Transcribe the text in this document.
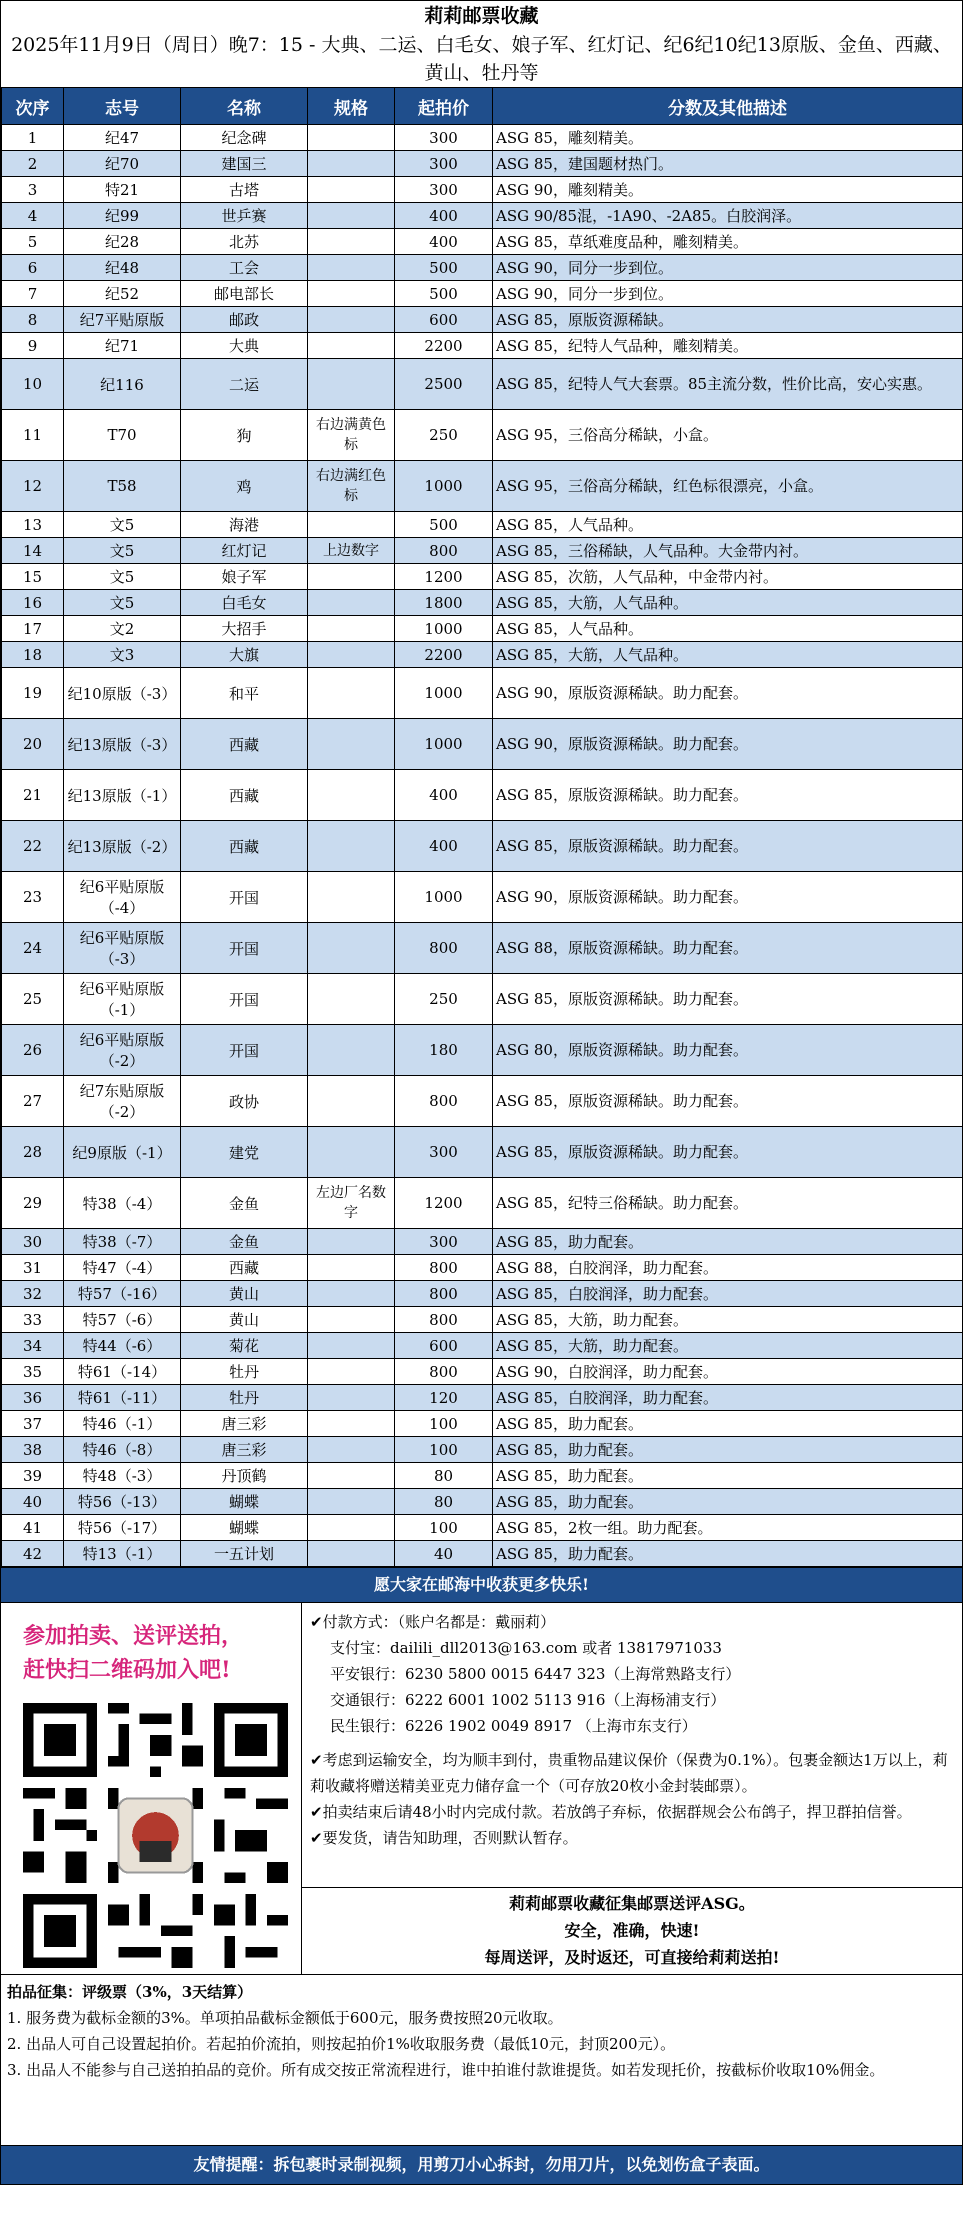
莉莉邮票收藏
2025年11月9日（周日）晚7：15 - 大典、二运、白毛女、娘子军、红灯记、纪6纪10纪13原版、金鱼、西藏、黄山、牡丹等
次序	志号	名称	规格	起拍价	分数及其他描述
1	纪47	纪念碑		300	ASG 85，雕刻精美。
2	纪70	建国三		300	ASG 85，建国题材热门。
3	特21	古塔		300	ASG 90，雕刻精美。
4	纪99	世乒赛		400	ASG 90/85混，-1A90、-2A85。白胶润泽。
5	纪28	北苏		400	ASG 85，草纸难度品种，雕刻精美。
6	纪48	工会		500	ASG 90，同分一步到位。
7	纪52	邮电部长		500	ASG 90，同分一步到位。
8	纪7平贴原版	邮政		600	ASG 85，原版资源稀缺。
9	纪71	大典		2200	ASG 85，纪特人气品种，雕刻精美。
10	纪116	二运		2500	ASG 85，纪特人气大套票。85主流分数，性价比高，安心实惠。
11	T70	狗	右边满黄色标	250	ASG 95，三俗高分稀缺，小盒。
12	T58	鸡	右边满红色标	1000	ASG 95，三俗高分稀缺，红色标很漂亮，小盒。
13	文5	海港		500	ASG 85，人气品种。
14	文5	红灯记	上边数字	800	ASG 85，三俗稀缺，人气品种。大金带内衬。
15	文5	娘子军		1200	ASG 85，次筋，人气品种，中金带内衬。
16	文5	白毛女		1800	ASG 85，大筋，人气品种。
17	文2	大招手		1000	ASG 85，人气品种。
18	文3	大旗		2200	ASG 85，大筋，人气品种。
19	纪10原版（-3）	和平		1000	ASG 90，原版资源稀缺。助力配套。
20	纪13原版（-3）	西藏		1000	ASG 90，原版资源稀缺。助力配套。
21	纪13原版（-1）	西藏		400	ASG 85，原版资源稀缺。助力配套。
22	纪13原版（-2）	西藏		400	ASG 85，原版资源稀缺。助力配套。
23	纪6平贴原版（-4）	开国		1000	ASG 90，原版资源稀缺。助力配套。
24	纪6平贴原版（-3）	开国		800	ASG 88，原版资源稀缺。助力配套。
25	纪6平贴原版（-1）	开国		250	ASG 85，原版资源稀缺。助力配套。
26	纪6平贴原版（-2）	开国		180	ASG 80，原版资源稀缺。助力配套。
27	纪7东贴原版（-2）	政协		800	ASG 85，原版资源稀缺。助力配套。
28	纪9原版（-1）	建党		300	ASG 85，原版资源稀缺。助力配套。
29	特38（-4）	金鱼	左边厂名数字	1200	ASG 85，纪特三俗稀缺。助力配套。
30	特38（-7）	金鱼		300	ASG 85，助力配套。
31	特47（-4）	西藏		800	ASG 88，白胶润泽，助力配套。
32	特57（-16）	黄山		800	ASG 85，白胶润泽，助力配套。
33	特57（-6）	黄山		800	ASG 85，大筋，助力配套。
34	特44（-6）	菊花		600	ASG 85，大筋，助力配套。
35	特61（-14）	牡丹		800	ASG 90，白胶润泽，助力配套。
36	特61（-11）	牡丹		120	ASG 85，白胶润泽，助力配套。
37	特46（-1）	唐三彩		100	ASG 85，助力配套。
38	特46（-8）	唐三彩		100	ASG 85，助力配套。
39	特48（-3）	丹顶鹤		80	ASG 85，助力配套。
40	特56（-13）	蝴蝶		80	ASG 85，助力配套。
41	特56（-17）	蝴蝶		100	ASG 85，2枚一组。助力配套。
42	特13（-1）	一五计划		40	ASG 85，助力配套。
愿大家在邮海中收获更多快乐!
参加拍卖、送评送拍，
赶快扫二维码加入吧!
✔付款方式：（账户名都是：戴丽莉）
支付宝：dailili_dll2013@163.com 或者 13817971033
平安银行：6230 5800 0015 6447 323（上海常熟路支行）
交通银行：6222 6001 1002 5113 916（上海杨浦支行）
民生银行：6226 1902 0049 8917 （上海市东支行）
✔考虑到运输安全，均为顺丰到付，贵重物品建议保价（保费为0.1%）。包裹金额达1万以上，莉莉收藏将赠送精美亚克力储存盒一个（可存放20枚小金封装邮票）。
✔拍卖结束后请48小时内完成付款。若放鸽子弃标，依据群规会公布鸽子，捍卫群拍信誉。
✔要发货，请告知助理，否则默认暂存。
莉莉邮票收藏征集邮票送评ASG。
安全，准确，快速!
每周送评，及时返还，可直接给莉莉送拍!
拍品征集：评级票（3%，3天结算）
1. 服务费为截标金额的3%。单项拍品截标金额低于600元，服务费按照20元收取。
2. 出品人可自己设置起拍价。若起拍价流拍，则按起拍价1%收取服务费（最低10元，封顶200元）。
3. 出品人不能参与自己送拍拍品的竞价。所有成交按正常流程进行，谁中拍谁付款谁提货。如若发现托价，按截标价收取10%佣金。
友情提醒：拆包裹时录制视频，用剪刀小心拆封，勿用刀片，以免划伤盒子表面。
